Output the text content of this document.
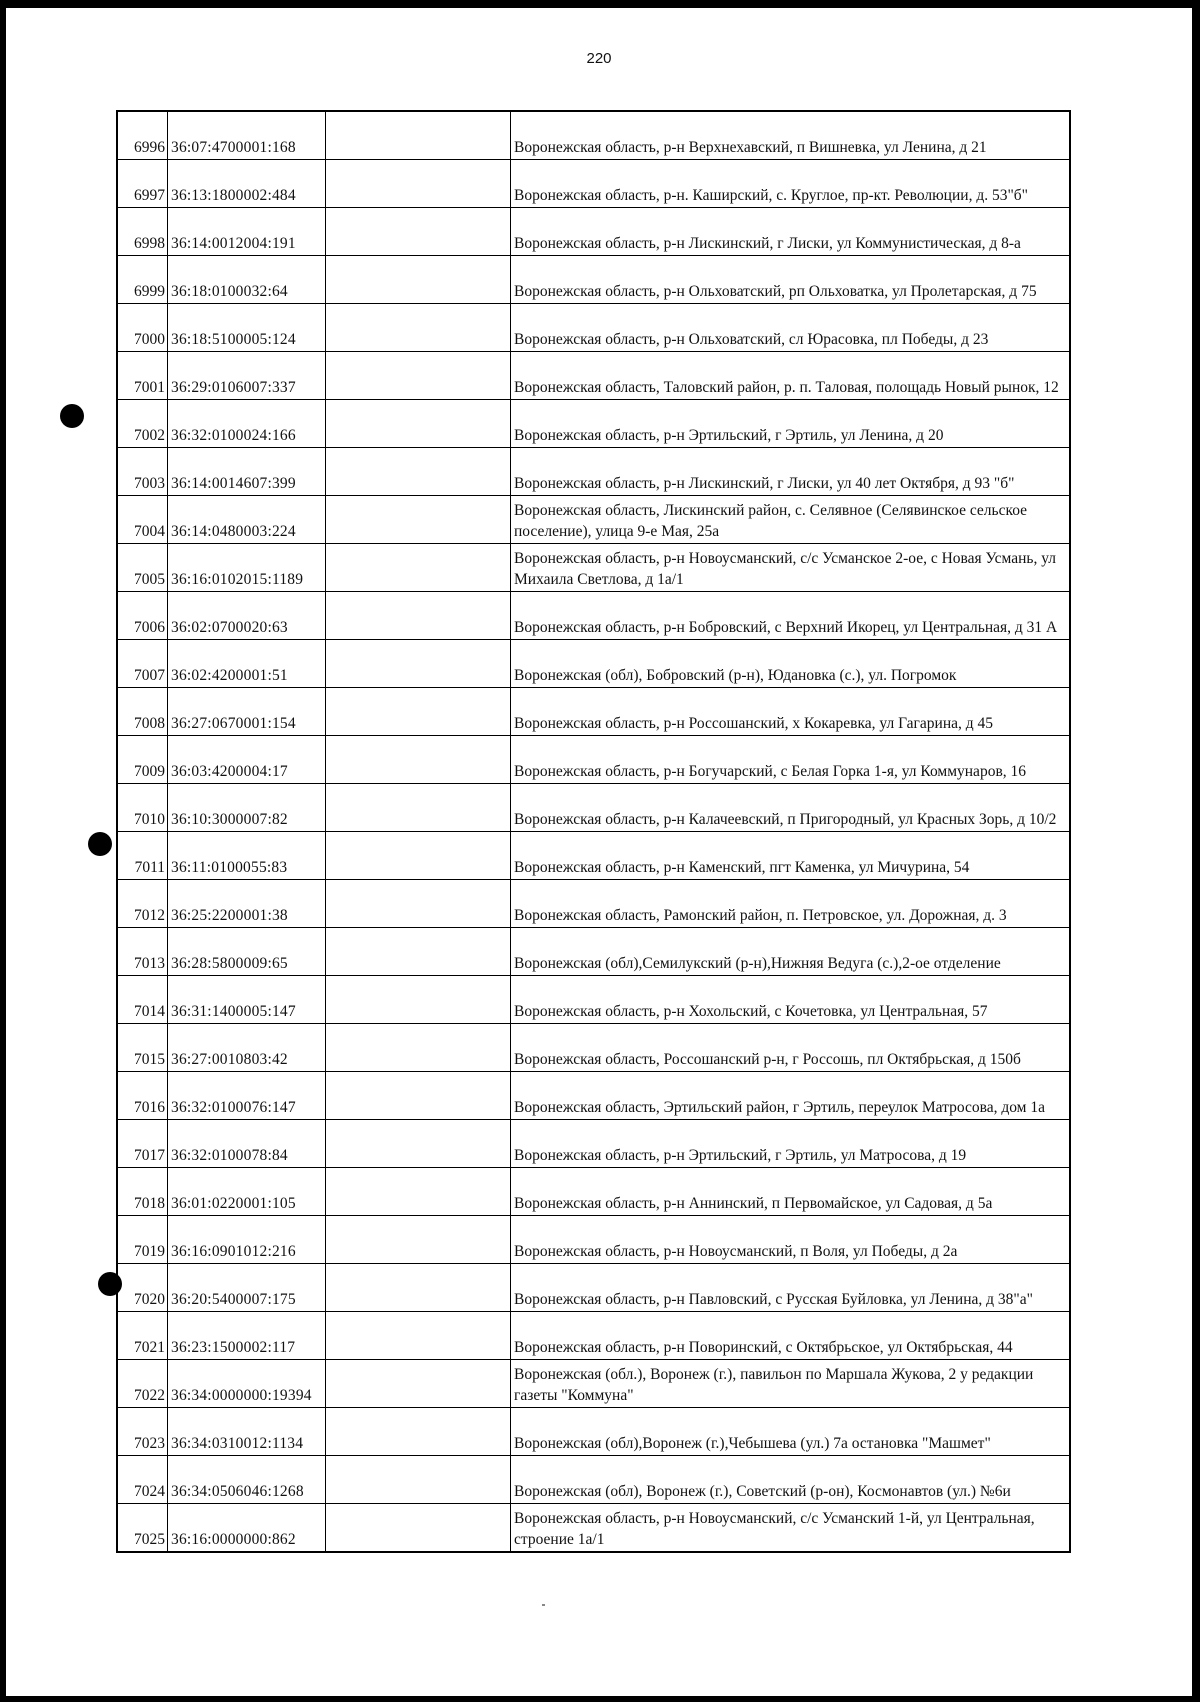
220
6996	36:07:4700001:168		Воронежская область, р-н Верхнехавский, п Вишневка, ул Ленина, д 21
6997	36:13:1800002:484		Воронежская область, р-н. Каширский, с. Круглое, пр-кт. Революции, д. 53"б"
6998	36:14:0012004:191		Воронежская область, р-н Лискинский, г Лиски, ул Коммунистическая, д 8-а
6999	36:18:0100032:64		Воронежская область, р-н Ольховатский, рп Ольховатка, ул Пролетарская, д 75
7000	36:18:5100005:124		Воронежская область, р-н Ольховатский, сл Юрасовка, пл Победы, д 23
7001	36:29:0106007:337		Воронежская область, Таловский район, р. п. Таловая, полощадь Новый рынок, 12
7002	36:32:0100024:166		Воронежская область, р-н Эртильский, г Эртиль, ул Ленина, д 20
7003	36:14:0014607:399		Воронежская область, р-н Лискинский, г Лиски, ул 40 лет Октября, д 93 "б"
7004	36:14:0480003:224		Воронежская область, Лискинский район, с. Селявное (Селявинское сельское поселение), улица 9-е Мая, 25а
7005	36:16:0102015:1189		Воронежская область, р-н Новоусманский, с/с Усманское 2-ое, с Новая Усмань, ул Михаила Светлова, д 1а/1
7006	36:02:0700020:63		Воронежская область, р-н Бобровский, с Верхний Икорец, ул Центральная, д 31 А
7007	36:02:4200001:51		Воронежская (обл), Бобровский (р-н), Юдановка (с.), ул. Погромок
7008	36:27:0670001:154		Воронежская область, р-н Россошанский, х Кокаревка, ул Гагарина, д 45
7009	36:03:4200004:17		Воронежская область, р-н Богучарский, с Белая Горка 1-я, ул Коммунаров, 16
7010	36:10:3000007:82		Воронежская область, р-н Калачеевский, п Пригородный, ул Красных Зорь, д 10/2
7011	36:11:0100055:83		Воронежская область, р-н Каменский, пгт Каменка, ул Мичурина, 54
7012	36:25:2200001:38		Воронежская область, Рамонский район, п. Петровское, ул. Дорожная, д. 3
7013	36:28:5800009:65		Воронежская (обл),Семилукский (р-н),Нижняя Ведуга (с.),2-ое отделение
7014	36:31:1400005:147		Воронежская область, р-н Хохольский, с Кочетовка, ул Центральная, 57
7015	36:27:0010803:42		Воронежская область, Россошанский р-н, г Россошь, пл Октябрьская, д 150б
7016	36:32:0100076:147		Воронежская область, Эртильский район, г Эртиль, переулок Матросова, дом 1а
7017	36:32:0100078:84		Воронежская область, р-н Эртильский, г Эртиль, ул Матросова, д 19
7018	36:01:0220001:105		Воронежская область, р-н Аннинский, п Первомайское, ул Садовая, д 5а
7019	36:16:0901012:216		Воронежская область, р-н Новоусманский, п Воля, ул Победы, д 2а
7020	36:20:5400007:175		Воронежская область, р-н Павловский, с Русская Буйловка, ул Ленина, д 38"а"
7021	36:23:1500002:117		Воронежская область, р-н Поворинский, с Октябрьское, ул Октябрьская, 44
7022	36:34:0000000:19394		Воронежская (обл.), Воронеж (г.), павильон по Маршала Жукова, 2 у редакции газеты "Коммуна"
7023	36:34:0310012:1134		Воронежская (обл),Воронеж (г.),Чебышева (ул.) 7а остановка "Машмет"
7024	36:34:0506046:1268		Воронежская (обл), Воронеж (г.), Советский (р-он), Космонавтов (ул.) №6и
7025	36:16:0000000:862		Воронежская область, р-н Новоусманский, с/с Усманский 1-й, ул Центральная, строение 1а/1
